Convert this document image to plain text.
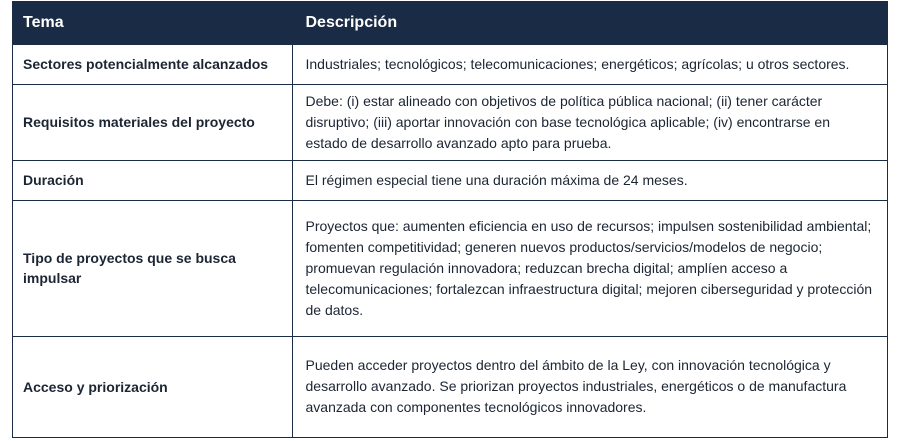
Tema	Descripción
Sectores potencialmente alcanzados	Industriales; tecnológicos; telecomunicaciones; energéticos; agrícolas; u otros sectores.
Requisitos materiales del proyecto	Debe: (i) estar alineado con objetivos de política pública nacional; (ii) tener carácter disruptivo; (iii) aportar innovación con base tecnológica aplicable; (iv) encontrarse en estado de desarrollo avanzado apto para prueba.
Duración	El régimen especial tiene una duración máxima de 24 meses.
Tipo de proyectos que se busca impulsar	Proyectos que: aumenten eficiencia en uso de recursos; impulsen sostenibilidad ambiental; fomenten competitividad; generen nuevos productos/servicios/modelos de negocio; promuevan regulación innovadora; reduzcan brecha digital; amplíen acceso a telecomunicaciones; fortalezcan infraestructura digital; mejoren ciberseguridad y protección de datos.
Acceso y priorización	Pueden acceder proyectos dentro del ámbito de la Ley, con innovación tecnológica y desarrollo avanzado. Se priorizan proyectos industriales, energéticos o de manufactura avanzada con componentes tecnológicos innovadores.
